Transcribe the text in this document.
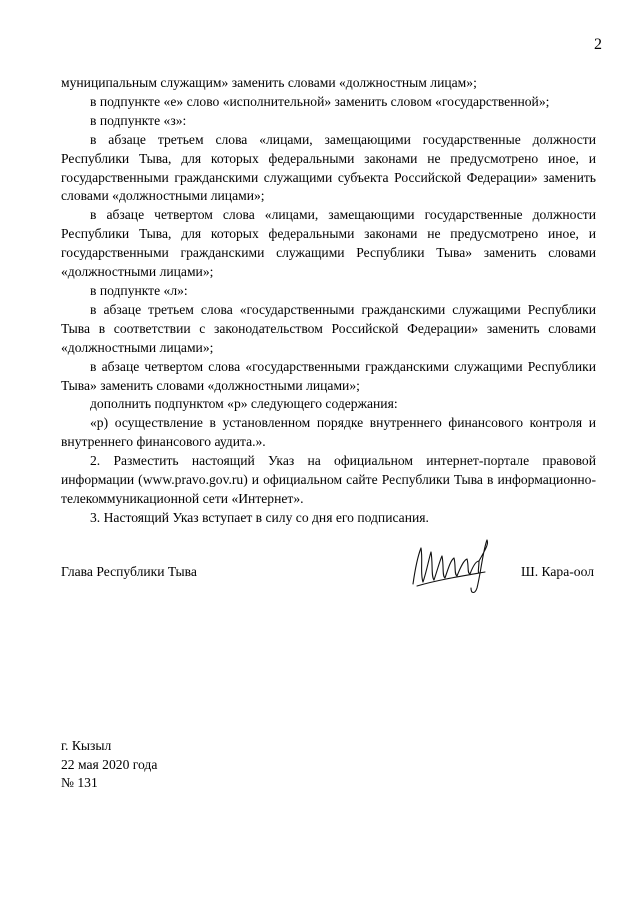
2

муниципальным служащим» заменить словами «должностным лицам»;

в подпункте «е» слово «исполнительной» заменить словом «государственной»;

в подпункте «з»:

в абзаце третьем слова «лицами, замещающими государственные должности Республики Тыва, для которых федеральными законами не предусмотрено иное, и государственными гражданскими служащими субъекта Российской Федерации» заменить словами «должностными лицами»;

в абзаце четвертом слова «лицами, замещающими государственные должности Республики Тыва, для которых федеральными законами не предусмотрено иное, и государственными гражданскими служащими Республики Тыва» заменить словами «должностными лицами»;

в подпункте «л»:

в абзаце третьем слова «государственными гражданскими служащими Республики Тыва в соответствии с законодательством Российской Федерации» заменить словами «должностными лицами»;

в абзаце четвертом слова «государственными гражданскими служащими Республики Тыва» заменить словами «должностными лицами»;

дополнить подпунктом «р» следующего содержания:

«р) осуществление в установленном порядке внутреннего финансового контроля и внутреннего финансового аудита.».

2. Разместить настоящий Указ на официальном интернет-портале правовой информации (www.pravo.gov.ru) и официальном сайте Республики Тыва в информационно-телекоммуникационной сети «Интернет».

3. Настоящий Указ вступает в силу со дня его подписания.

Глава Республики Тыва	Ш. Кара-оол
г. Кызыл
22 мая 2020 года
№ 131
